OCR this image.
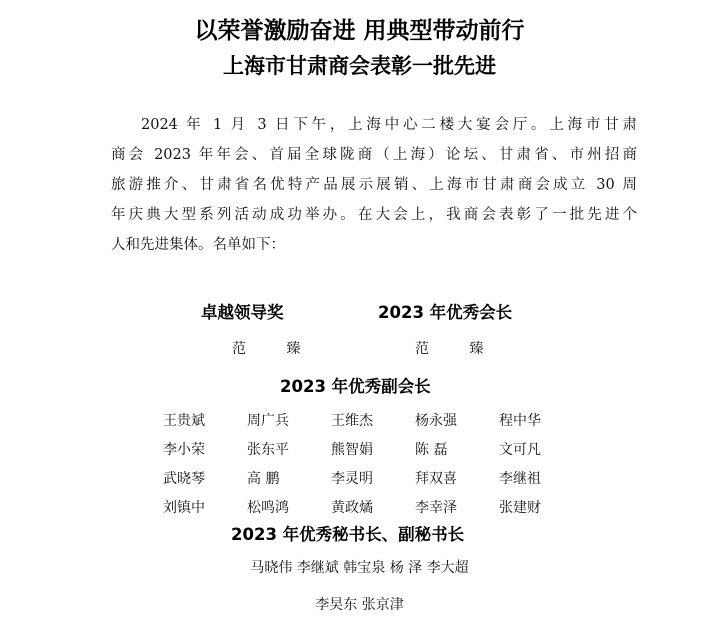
以荣誉激励奋进 用典型带动前行
上海市甘肃商会表彰一批先进
2024 年 1 月 3 日下午，上海中心二楼大宴会厅。上海市甘肃
商会 2023 年年会、首届全球陇商（上海）论坛、甘肃省、市州招商
旅游推介、甘肃省名优特产品展示展销、上海市甘肃商会成立 30 周
年庆典大型系列活动成功举办。在大会上，我商会表彰了一批先进个
人和先进集体。名单如下：
卓越领导奖	2023 年优秀会长
范 臻	范 臻
2023 年优秀副会长
王贵斌	周广兵	王维杰	杨永强	程中华
李小荣	张东平	熊智娟	陈 磊	文可凡
武晓琴	高 鹏	李灵明	拜双喜	李继祖
刘镇中	松鸣鸿	黄政燏	李幸泽	张建财
2023 年优秀秘书长、副秘书长
马晓伟 李继斌 韩宝泉 杨 泽 李大超
李旲东 张京津
